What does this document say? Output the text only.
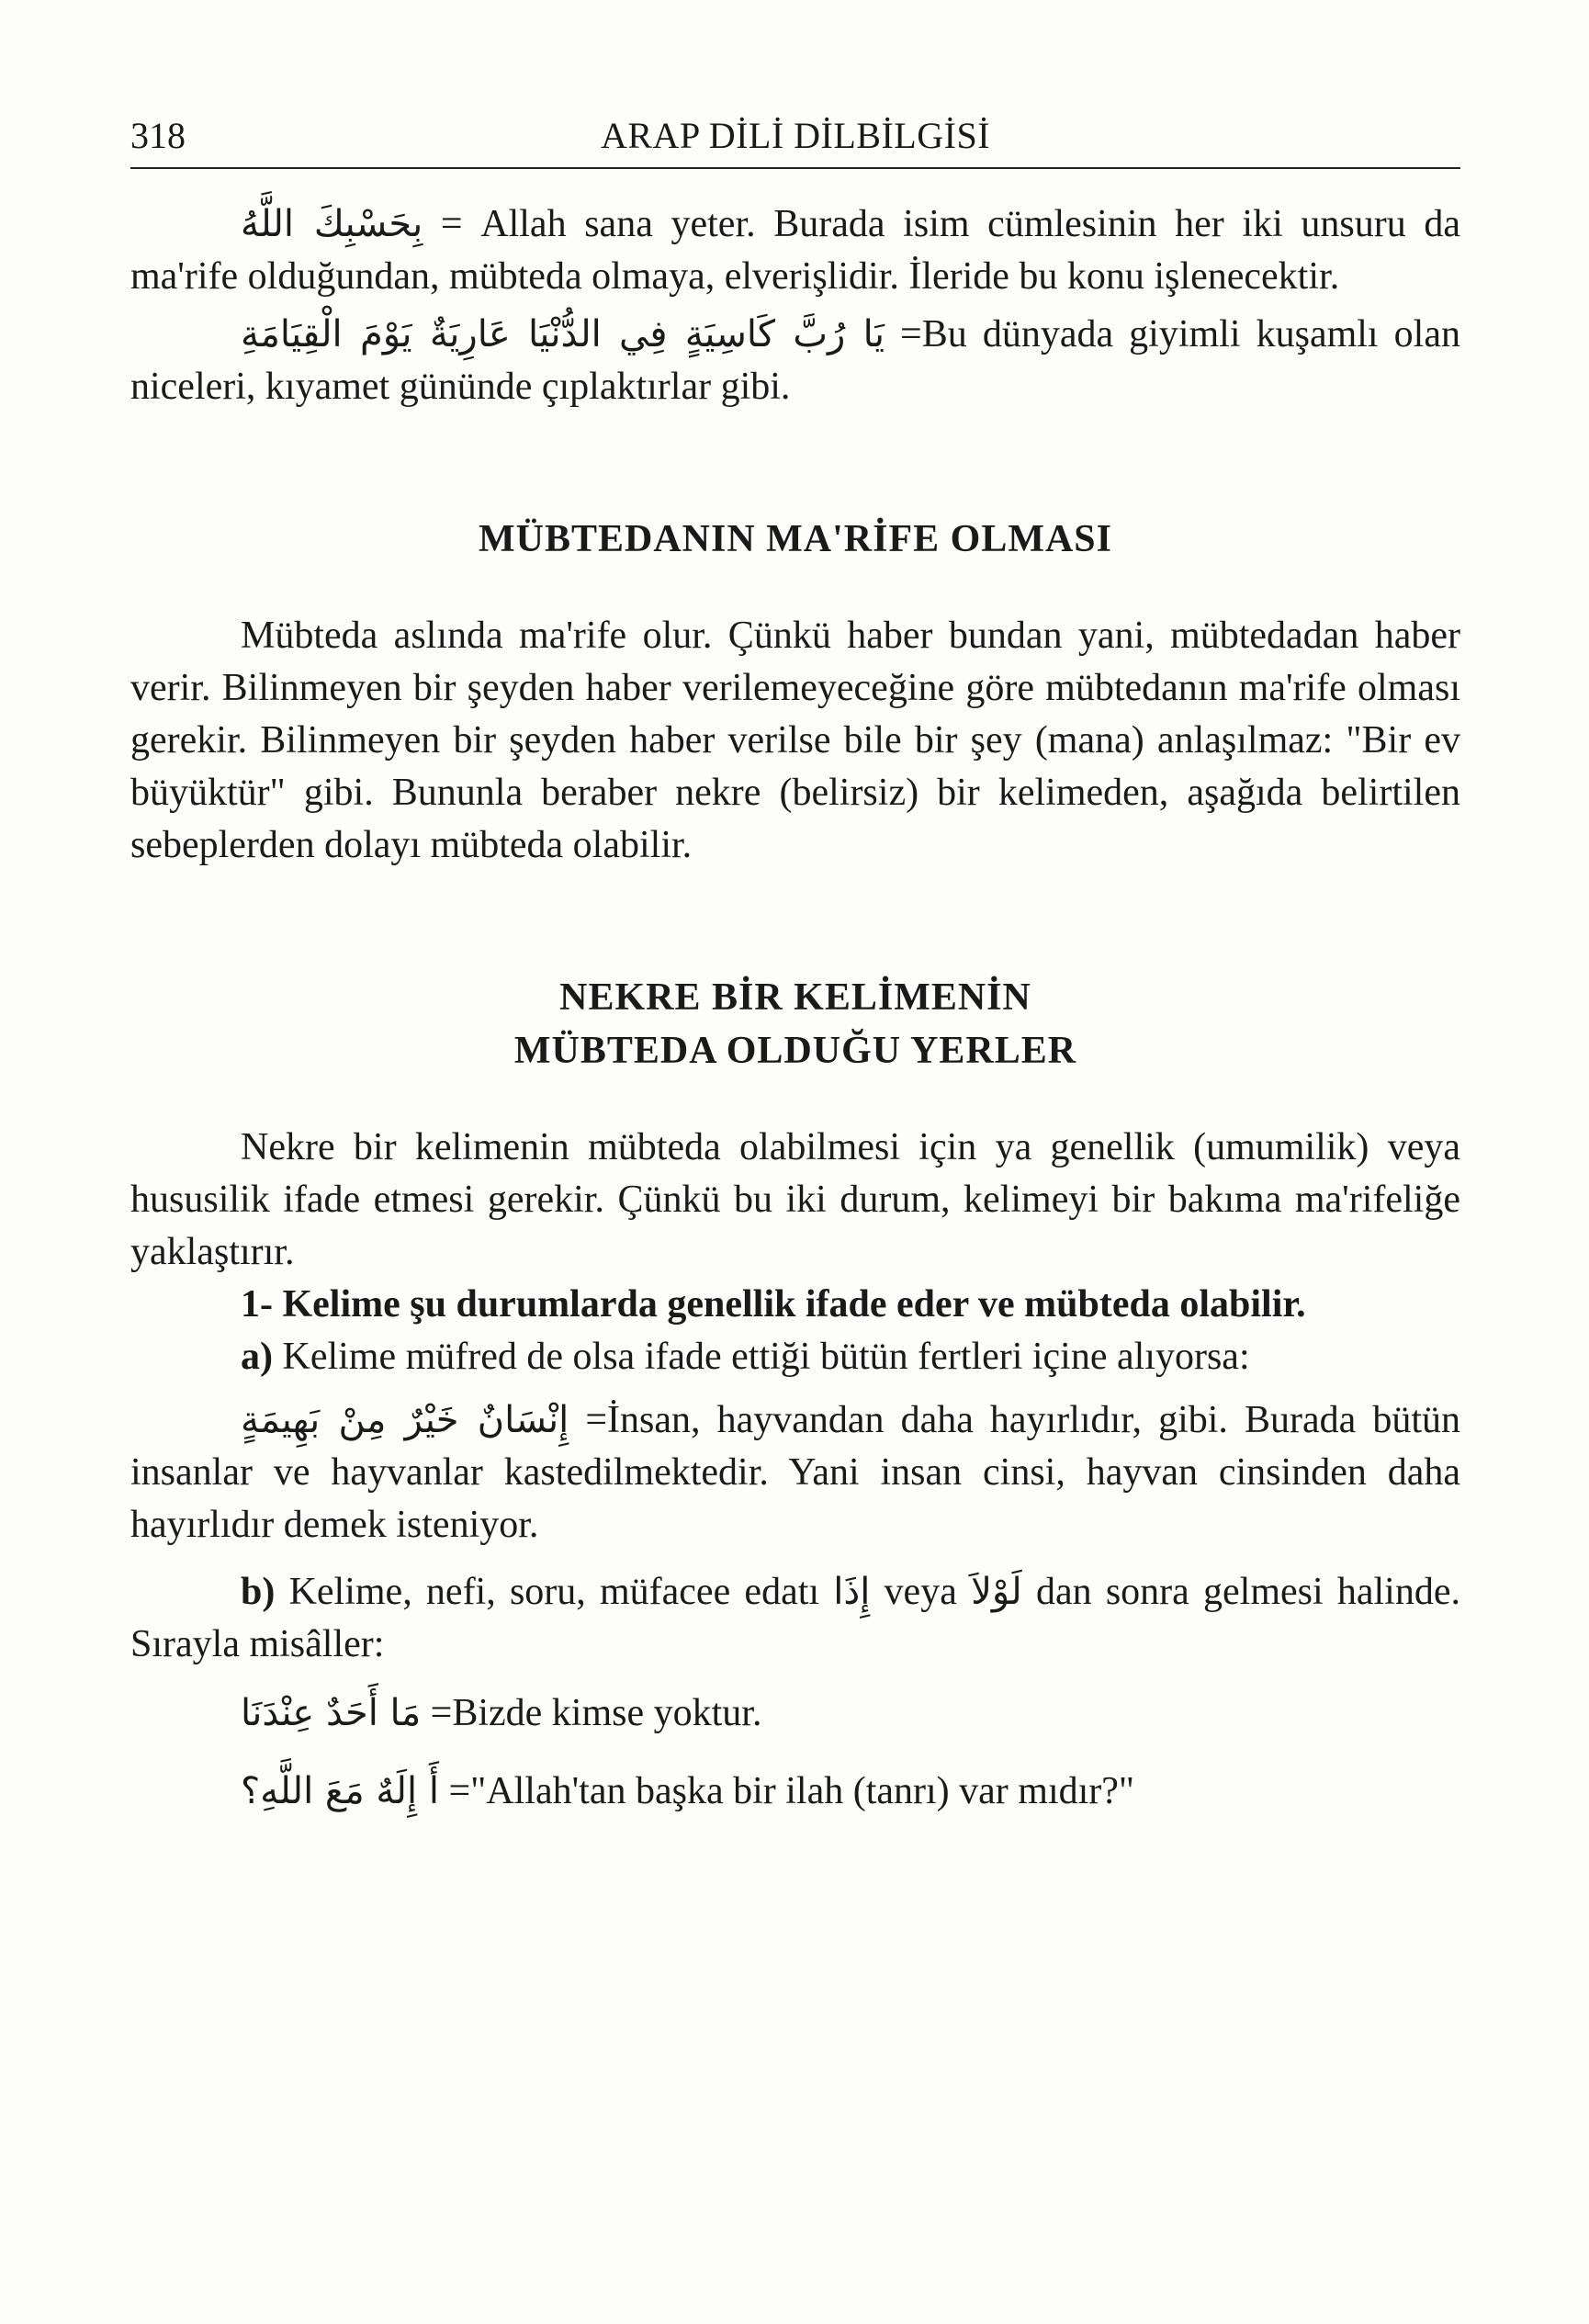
318	ARAP DİLİ DİLBİLGİSİ

بِحَسْبِكَ اللَّهُ = Allah sana yeter. Burada isim cümlesinin her iki unsuru da ma'rife olduğundan, mübteda olmaya, elverişlidir. İleride bu konu işlenecektir.

يَا رُبَّ كَاسِيَةٍ فِي الدُّنْيَا عَارِيَةٌ يَوْمَ الْقِيَامَةِ =Bu dünyada giyimli kuşamlı olan niceleri, kıyamet gününde çıplaktırlar gibi.

MÜBTEDANIN MA'RİFE OLMASI

Mübteda aslında ma'rife olur. Çünkü haber bundan yani, mübtedadan haber verir. Bilinmeyen bir şeyden haber verilemeyeceğine göre mübtedanın ma'rife olması gerekir. Bilinmeyen bir şeyden haber verilse bile bir şey (mana) anlaşılmaz: "Bir ev büyüktür" gibi. Bununla beraber nekre (belirsiz) bir kelimeden, aşağıda belirtilen sebeplerden dolayı mübteda olabilir.

NEKRE BİR KELİMENİN
MÜBTEDA OLDUĞU YERLER

Nekre bir kelimenin mübteda olabilmesi için ya genellik (umumilik) veya hususilik ifade etmesi gerekir. Çünkü bu iki durum, kelimeyi bir bakıma ma'rifeliğe yaklaştırır.

1- Kelime şu durumlarda genellik ifade eder ve mübteda olabilir.

a) Kelime müfred de olsa ifade ettiği bütün fertleri içine alıyorsa:

إِنْسَانٌ خَيْرٌ مِنْ بَهِيمَةٍ =İnsan, hayvandan daha hayırlıdır, gibi. Burada bütün insanlar ve hayvanlar kastedilmektedir. Yani insan cinsi, hayvan cinsinden daha hayırlıdır demek isteniyor.

b) Kelime, nefi, soru, müfacee edatı إِذَا veya لَوْلاَ dan sonra gelmesi halinde. Sırayla misâller:

مَا أَحَدٌ عِنْدَنَا =Bizde kimse yoktur.

أَ إِلَهٌ مَعَ اللَّهِ؟ ="Allah'tan başka bir ilah (tanrı) var mıdır?"
